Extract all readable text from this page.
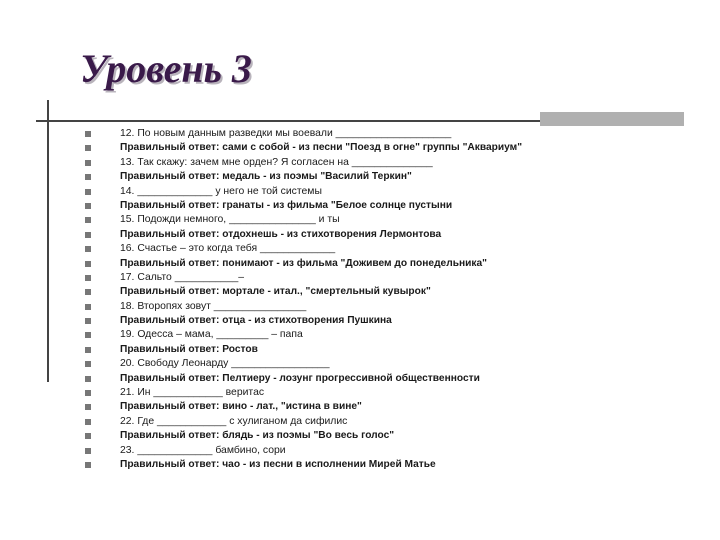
Уровень 3
12. По новым данным разведки мы воевали ____________________
Правильный ответ: сами с собой - из песни "Поезд в огне" группы "Аквариум"
13. Так скажу: зачем мне орден? Я согласен на ______________
Правильный ответ: медаль - из поэмы "Василий Теркин"
14. _____________ у него не той системы
Правильный ответ: гранаты - из фильма "Белое солнце пустыни
15. Подожди немного, _______________ и ты
Правильный ответ: отдохнешь - из стихотворения Лермонтова
16. Счастье – это когда тебя _____________
Правильный ответ: понимают - из фильма "Доживем до понедельника"
17. Сальто ___________–
Правильный ответ: мортале - итал., "смертельный кувырок"
18. Второпях зовут ________________
Правильный ответ: отца - из стихотворения Пушкина
19. Одесса – мама, _________ – папа
Правильный ответ: Ростов
20. Свободу Леонарду _________________
Правильный ответ: Пелтиеру - лозунг прогрессивной общественности
21. Ин ____________ веритас
Правильный ответ: вино - лат., "истина в вине"
22. Где ____________ с хулиганом да сифилис
Правильный ответ: блядь - из поэмы "Во весь голос"
23. _____________ бамбино, сори
Правильный ответ: чао - из песни в исполнении Мирей Матье
